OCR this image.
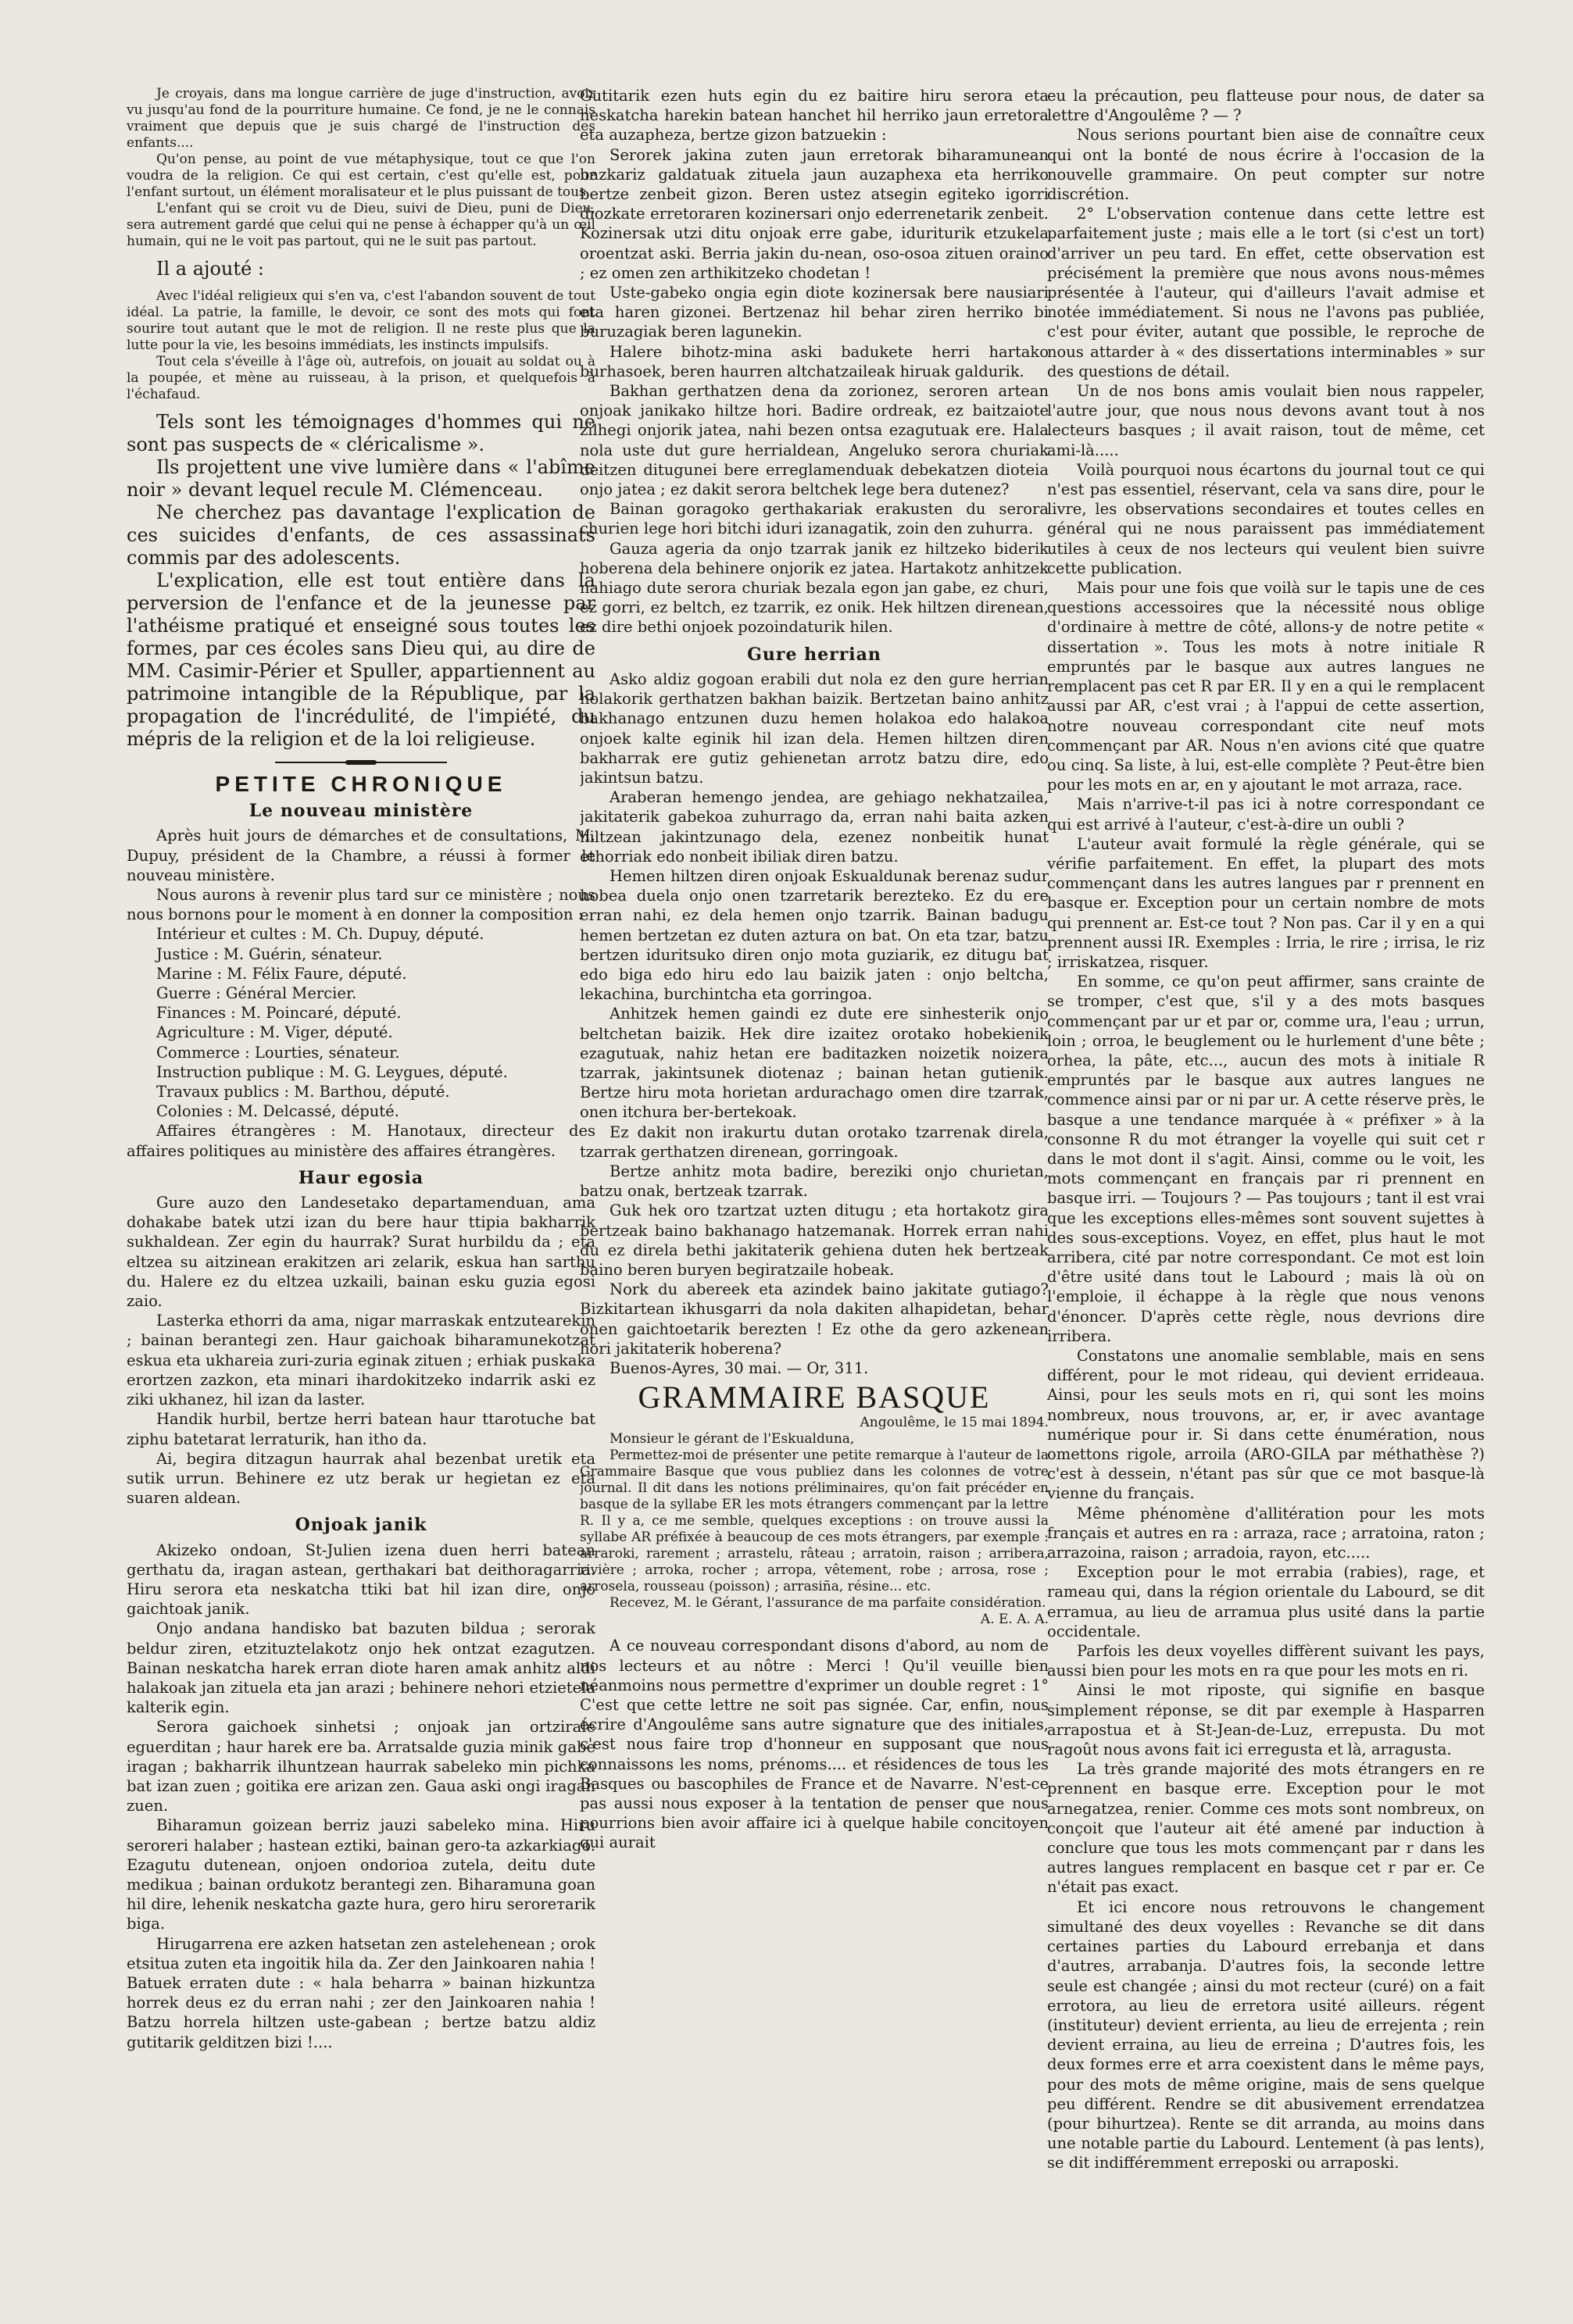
Je croyais, dans ma longue carrière de juge d'instruction, avoir vu jusqu'au fond de la pourriture humaine. Ce fond, je ne le connais vraiment que depuis que je suis chargé de l'instruction des enfants....

Qu'on pense, au point de vue métaphysique, tout ce que l'on voudra de la religion. Ce qui est certain, c'est qu'elle est, pour l'enfant surtout, un élément moralisateur et le plus puissant de tous.

L'enfant qui se croit vu de Dieu, suivi de Dieu, puni de Dieu, sera autrement gardé que celui qui ne pense à échapper qu'à un œil humain, qui ne le voit pas partout, qui ne le suit pas partout.

Il a ajouté :

Avec l'idéal religieux qui s'en va, c'est l'abandon souvent de tout idéal. La patrie, la famille, le devoir, ce sont des mots qui font sourire tout autant que le mot de religion. Il ne reste plus que la lutte pour la vie, les besoins immédiats, les instincts impulsifs.

Tout cela s'éveille à l'âge où, autrefois, on jouait au soldat ou à la poupée, et mène au ruisseau, à la prison, et quelquefois à l'échafaud.

Tels sont les témoignages d'hommes qui ne sont pas suspects de « cléricalisme ».

Ils projettent une vive lumière dans « l'abîme noir » devant lequel recule M. Clémenceau.

Ne cherchez pas davantage l'explication de ces suicides d'enfants, de ces assassinats commis par des adolescents.

L'explication, elle est tout entière dans la perversion de l'enfance et de la jeunesse par l'athéisme pratiqué et enseigné sous toutes les formes, par ces écoles sans Dieu qui, au dire de MM. Casimir-Périer et Spuller, appartiennent au patrimoine intangible de la République, par la propagation de l'incrédulité, de l'impiété, du mépris de la religion et de la loi religieuse.

PETITE CHRONIQUE
Le nouveau ministère

Après huit jours de démarches et de consultations, M. Dupuy, président de la Chambre, a réussi à former le nouveau ministère.

Nous aurons à revenir plus tard sur ce ministère ; nous nous bornons pour le moment à en donner la composition :

Intérieur et cultes : M. Ch. Dupuy, député.

Justice : M. Guérin, sénateur.

Marine : M. Félix Faure, député.

Guerre : Général Mercier.

Finances : M. Poincaré, député.

Agriculture : M. Viger, député.

Commerce : Lourties, sénateur.

Instruction publique : M. G. Leygues, député.

Travaux publics : M. Barthou, député.

Colonies : M. Delcassé, député.

Affaires étrangères : M. Hanotaux, directeur des affaires politiques au ministère des affaires étrangères.

Haur egosia

Gure auzo den Landesetako departamenduan, ama dohakabe batek utzi izan du bere haur ttipia bakharrik sukhaldean. Zer egin du haurrak? Surat hurbildu da ; eta eltzea su aitzinean erakitzen ari zelarik, eskua han sarthu du. Halere ez du eltzea uzkaili, bainan esku guzia egosi zaio.

Lasterka ethorri da ama, nigar marraskak entzutearekin ; bainan berantegi zen. Haur gaichoak biharamunekotzat eskua eta ukhareia zuri-zuria eginak zituen ; erhiak puskaka erortzen zazkon, eta minari ihardokitzeko indarrik aski ez ziki ukhanez, hil izan da laster.

Handik hurbil, bertze herri batean haur ttarotuche bat ziphu batetarat lerraturik, han itho da.

Ai, begira ditzagun haurrak ahal bezenbat uretik eta sutik urrun. Behinere ez utz berak ur hegietan ez eta suaren aldean.

Onjoak janik

Akizeko ondoan, St-Julien izena duen herri batean gerthatu da, iragan astean, gerthakari bat deithoragarria. Hiru serora eta neskatcha ttiki bat hil izan dire, onjo gaichtoak janik.

Onjo andana handisko bat bazuten bildua ; serorak beldur ziren, etzituztelakotz onjo hek ontzat ezagutzen. Bainan neskatcha harek erran diote haren amak anhitz aldi halakoak jan zituela eta jan arazi ; behinere nehori etzietela kalterik egin.

Serora gaichoek sinhetsi ; onjoak jan ortzirale eguerditan ; haur harek ere ba. Arratsalde guzia minik gabe iragan ; bakharrik ilhuntzean haurrak sabeleko min pichka bat izan zuen ; goitika ere arizan zen. Gaua aski ongi iragan zuen.

Biharamun goizean berriz jauzi sabeleko mina. Hiru serorerі halaber ; hastean eztiki, bainan gero-ta azkarkiago. Ezagutu dutenean, onjoen ondorioa zutela, deitu dute medikua ; bainan ordukotz berantegi zen. Biharamuna goan hil dire, lehenik neskatcha gazte hura, gero hiru serorетarik biga.

Hirugarrena ere azken hatsetan zen astelehenean ; orok etsitua zuten eta ingoitik hila da. Zer den Jainkoaren nahia ! Batuek erraten dute : « hala beharra » bainan hizkuntza horrek deus ez du erran nahi ; zer den Jainkoaren nahia ! Batzu horrela hiltzen uste-gabean ; bertze batzu aldiz gutitarik gelditzen bizi !....

Gutitarik ezen huts egin du ez baitire hiru serora eta neskatcha harekin batean hanchet hil herriko jaun erretora eta auzapheza, bertze gizon batzuekin :

Serorek jakina zuten jaun erretorak biharamunean bazkariz galdatuak zituela jaun auzaphexa eta herriko bertze zenbeit gizon. Beren ustez atsegin egiteko igorri diozkate erretoraren kozinersari onjo ederrenetarik zenbeit. Kozinersak utzi ditu onjoak erre gabe, iduriturik etzukela oroentzat aski. Berria jakin du-nean, oso-osoa zituen oraino ; ez omen zen arthikitzeko chodetan !

Uste-gabeko ongia egin diote kozinersak bere nausiari eta haren gizonei. Bertzenaz hil behar ziren herriko bi buruzagiak beren lagunekin.

Halere bihotz-mina aski badukete herri hartako burhasoek, beren haurren altchatzaileak hiruak galdurik.

Bakhan gerthatzen dena da zorionez, seroren artean onjoak janikako hiltze hori. Badire ordreak, ez baitzaiote zilhegi onjorik jatea, nahi bezen ontsa ezagutuak ere. Hala nola uste dut gure herrialdean, Angeluko serora churiak deitzen dituguneі bere erreglamenduak debekatzen dioteia onjo jatea ; ez dakit serora beltchek lege bera dutenez?

Bainan goragoko gerthakariak erakusten du serora churien lege hori bitchi iduri izanagatik, zoin den zuhurra.

Gauza ageria da onjo tzarrak janik ez hiltzeko biderik hoberena dela behinere onjorik ez jatea. Hartakotz anhitzek nahiago dute serora churiak bezala egon jan gabe, ez churi, ez gorri, ez beltch, ez tzarrik, ez onik. Hek hiltzen direnean, ez dire bethi onjoek pozoindaturik hilen.

Gure herrian

Asko aldiz gogoan erabili dut nola ez den gure herrian holakorik gerthatzen bakhan baizik. Bertzetan baino anhitz bakhanago entzunen duzu hemen holakoa edo halakoa onjoek kalte eginik hil izan dela. Hemen hiltzen diren bakharrak ere gutiz gehienetan arrotz batzu dire, edo jakintsun batzu.

Araberan hemengo jendea, are gehiago nekhatzailea, jakitaterik gabekoa zuhurrago da, erran nahi baita azken hiltzean jakintzunago dela, ezenez nonbeitik hunat ethorriak edo nonbeit ibiliak diren batzu.

Hemen hiltzen diren onjoak Eskualdunak berenaz sudur hobea duela onjo onen tzarretarik berezteko. Ez du ere erran nahi, ez dela hemen onjo tzarrik. Bainan badugu hemen bertzetan ez duten azturа on bat. On eta tzar, batzu bertzen iduritsuko diren onjo mota guziarik, ez ditugu bat edo biga edo hiru edo lau baizik jaten : onjo beltcha, lekachina, burchintcha eta gorringoa.

Anhitzek hemen gaindi ez dute ere sinhesterik onjo beltchetan baizik. Hek dire izaitez orotako hobekienik ezagutuak, nahiz hetan ere baditazken noizetik noizera tzarrak, jakintsunek diotenaz ; bainan hetan gutienik. Bertze hiru mota horietan ardurachago omen dire tzarrak, onen itchura ber-bertekoak.

Ez dakit non irakurtu dutan orotako tzarrenak direla, tzarrak gerthatzen direnean, gorringoak.

Bertze anhitz mota badire, bereziki onjo churietan, batzu onak, bertzeak tzarrak.

Guk hek oro tzartzat uzten ditugu ; eta hortakotz gira bertzeak baino bakhanago hatzemanak. Horrek erran nahi du ez direla bethi jakitaterik gehiena duten hek bertzeak baino beren burуen begiratzaile hobeak.

Nork du abereek eta azindek baino jakitate gutiago? Bizkitartean ikhusgarri da nola dakiten alhapidetan, behar onen gaichtoetarik berezten ! Ez othe da gero azkenean horі jakitaterik hoberena?

Buenos-Ayres, 30 mai. — Or, 311.

GRAMMAIRE BASQUE

Angoulême, le 15 mai 1894.

Monsieur le gérant de l'Eskualduna,

Permettez-moi de présenter une petite remarque à l'auteur de la Grammaire Basque que vous publiez dans les colonnes de votre journal. Il dit dans les notions préliminaires, qu'on fait précéder en basque de la syllabe ER les mots étrangers commençant par la lettre R. Il y a, ce me semble, quelques exceptions : on trouve aussi la syllabe AR préfixée à beaucoup de ces mots étrangers, par exemple : arraroki, rarement ; arrastelu, râteau ; arratoin, raison ; arribera, rivière ; arroka, rocher ; arropa, vêtement, robe ; arrosa, rose ; arrosela, rousseau (poisson) ; arrasiña, résine... etc.

Recevez, M. le Gérant, l'assurance de ma parfaite considération.

A. E. A. A.

A ce nouveau correspondant disons d'abord, au nom de nos lecteurs et au nôtre : Merci ! Qu'il veuille bien néanmoins nous permettre d'exprimer un double regret : 1° C'est que cette lettre ne soit pas signée. Car, enfin, nous écrire d'Angoulême sans autre signature que des initiales, c'est nous faire trop d'honneur en supposant que nous connaissons les noms, prénoms.... et résidences de tous les Basques ou bascophiles de France et de Navarre. N'est-ce pas aussi nous exposer à la tentation de penser que nous pourrions bien avoir affaire ici à quelque habile concitoyen qui aurait

eu la précaution, peu flatteuse pour nous, de dater sa lettre d'Angoulême ? — ?

Nous serions pourtant bien aise de connaître ceux qui ont la bonté de nous écrire à l'occasion de la nouvelle grammaire. On peut compter sur notre discrétion.

2° L'observation contenue dans cette lettre est parfaitement juste ; mais elle a le tort (si c'est un tort) d'arriver un peu tard. En effet, cette observation est précisément la première que nous avons nous-mêmes présentée à l'auteur, qui d'ailleurs l'avait admise et notée immédiatement. Si nous ne l'avons pas publiée, c'est pour éviter, autant que possible, le reproche de nous attarder à « des dissertations interminables » sur des questions de détail.

Un de nos bons amis voulait bien nous rappeler, l'autre jour, que nous nous devons avant tout à nos lecteurs basques ; il avait raison, tout de même, cet ami-là.....

Voilà pourquoi nous écartons du journal tout ce qui n'est pas essentiel, réservant, cela va sans dire, pour le livre, les observations secondaires et toutes celles en général qui ne nous paraissent pas immédiatement utiles à ceux de nos lecteurs qui veulent bien suivre cette publication.

Mais pour une fois que voilà sur le tapis une de ces questions accessoires que la nécessité nous oblige d'ordinaire à mettre de côté, allons-y de notre petite « dissertation ». Tous les mots à notre initiale R empruntés par le basque aux autres langues ne remplacent pas cet R par ER. Il y en a qui le remplacent aussi par AR, c'est vrai ; à l'appui de cette assertion, notre nouveau correspondant cite neuf mots commençant par AR. Nous n'en avions cité que quatre ou cinq. Sa liste, à lui, est-elle complète ? Peut-être bien pour les mots en ar, en y ajoutant le mot arraza, race.

Mais n'arrive-t-il pas ici à notre correspondant ce qui est arrivé à l'auteur, c'est-à-dire un oubli ?

L'auteur avait formulé la règle générale, qui se vérifie parfaitement. En effet, la plupart des mots commençant dans les autres langues par r prennent en basque er. Exception pour un certain nombre de mots qui prennent ar. Est-ce tout ? Non pas. Car il y en a qui prennent aussi IR. Exemples : Irria, le rire ; irrisa, le riz ; irriskatzea, risquer.

En somme, ce qu'on peut affirmer, sans crainte de se tromper, c'est que, s'il y a des mots basques commençant par ur et par or, comme ura, l'eau ; urrun, loin ; orroa, le beuglement ou le hurlement d'une bête ; orhea, la pâte, etc..., aucun des mots à initiale R empruntés par le basque aux autres langues ne commence ainsi par or ni par ur. A cette réserve près, le basque a une tendance marquée à « préfixer » à la consonne R du mot étranger la voyelle qui suit cet r dans le mot dont il s'agit. Ainsi, comme ou le voit, les mots commençant en français par ri prennent en basque irri. — Toujours ? — Pas toujours ; tant il est vrai que les exceptions elles-mêmes sont souvent sujettes à des sous-exceptions. Voyez, en effet, plus haut le mot arribera, cité par notre correspondant. Ce mot est loin d'être usité dans tout le Labourd ; mais là où on l'emploie, il échappe à la règle que nous venons d'énoncer. D'après cette règle, nous devrions dire irribera.

Constatons une anomalie semblable, mais en sens différent, pour le mot rideau, qui devient errideaua. Ainsi, pour les seuls mots en ri, qui sont les moins nombreux, nous trouvons, ar, er, ir avec avantage numérique pour ir. Si dans cette énumération, nous omettons rigole, arroila (ARO-GILA par méthathèse ?) c'est à dessein, n'étant pas sûr que ce mot basque-là vienne du français.

Même phénomène d'allitération pour les mots français et autres en ra : arraza, race ; arratoina, raton ; arrazoina, raison ; arradoia, rayon, etc.....

Exception pour le mot errabia (rabies), rage, et rameau qui, dans la région orientale du Labourd, se dit erramua, au lieu de arramua plus usité dans la partie occidentale.

Parfois les deux voyelles diffèrent suivant les pays, aussi bien pour les mots en ra que pour les mots en ri.

Ainsi le mot riposte, qui signifie en basque simplement réponse, se dit par exemple à Hasparren arrapostua et à St-Jean-de-Luz, errepusta. Du mot ragoût nous avons fait ici erregusta et là, arragusta.

La très grande majorité des mots étrangers en re prennent en basque erre. Exception pour le mot arnegatzea, renier. Comme ces mots sont nombreux, on conçoit que l'auteur ait été amené par induction à conclure que tous les mots commençant par r dans les autres langues remplacent en basque cet r par er. Ce n'était pas exact.

Et ici encore nous retrouvons le changement simultané des deux voyelles : Revanche se dit dans certaines parties du Labourd errebanja et dans d'autres, arrabanja. D'autres fois, la seconde lettre seule est changée ; ainsi du mot recteur (curé) on a fait errotora, au lieu de erretora usité ailleurs. régent (instituteur) devient errienta, au lieu de errejenta ; rein devient erraina, au lieu de erreina ; D'autres fois, les deux formes erre et arra coexistent dans le même pays, pour des mots de même origine, mais de sens quelque peu différent. Rendre se dit abusivement errendatzea (pour bihurtzea). Rente se dit arranda, au moins dans une notable partie du Labourd. Lentement (à pas lents), se dit indifféremment erreposki ou arraposki.
